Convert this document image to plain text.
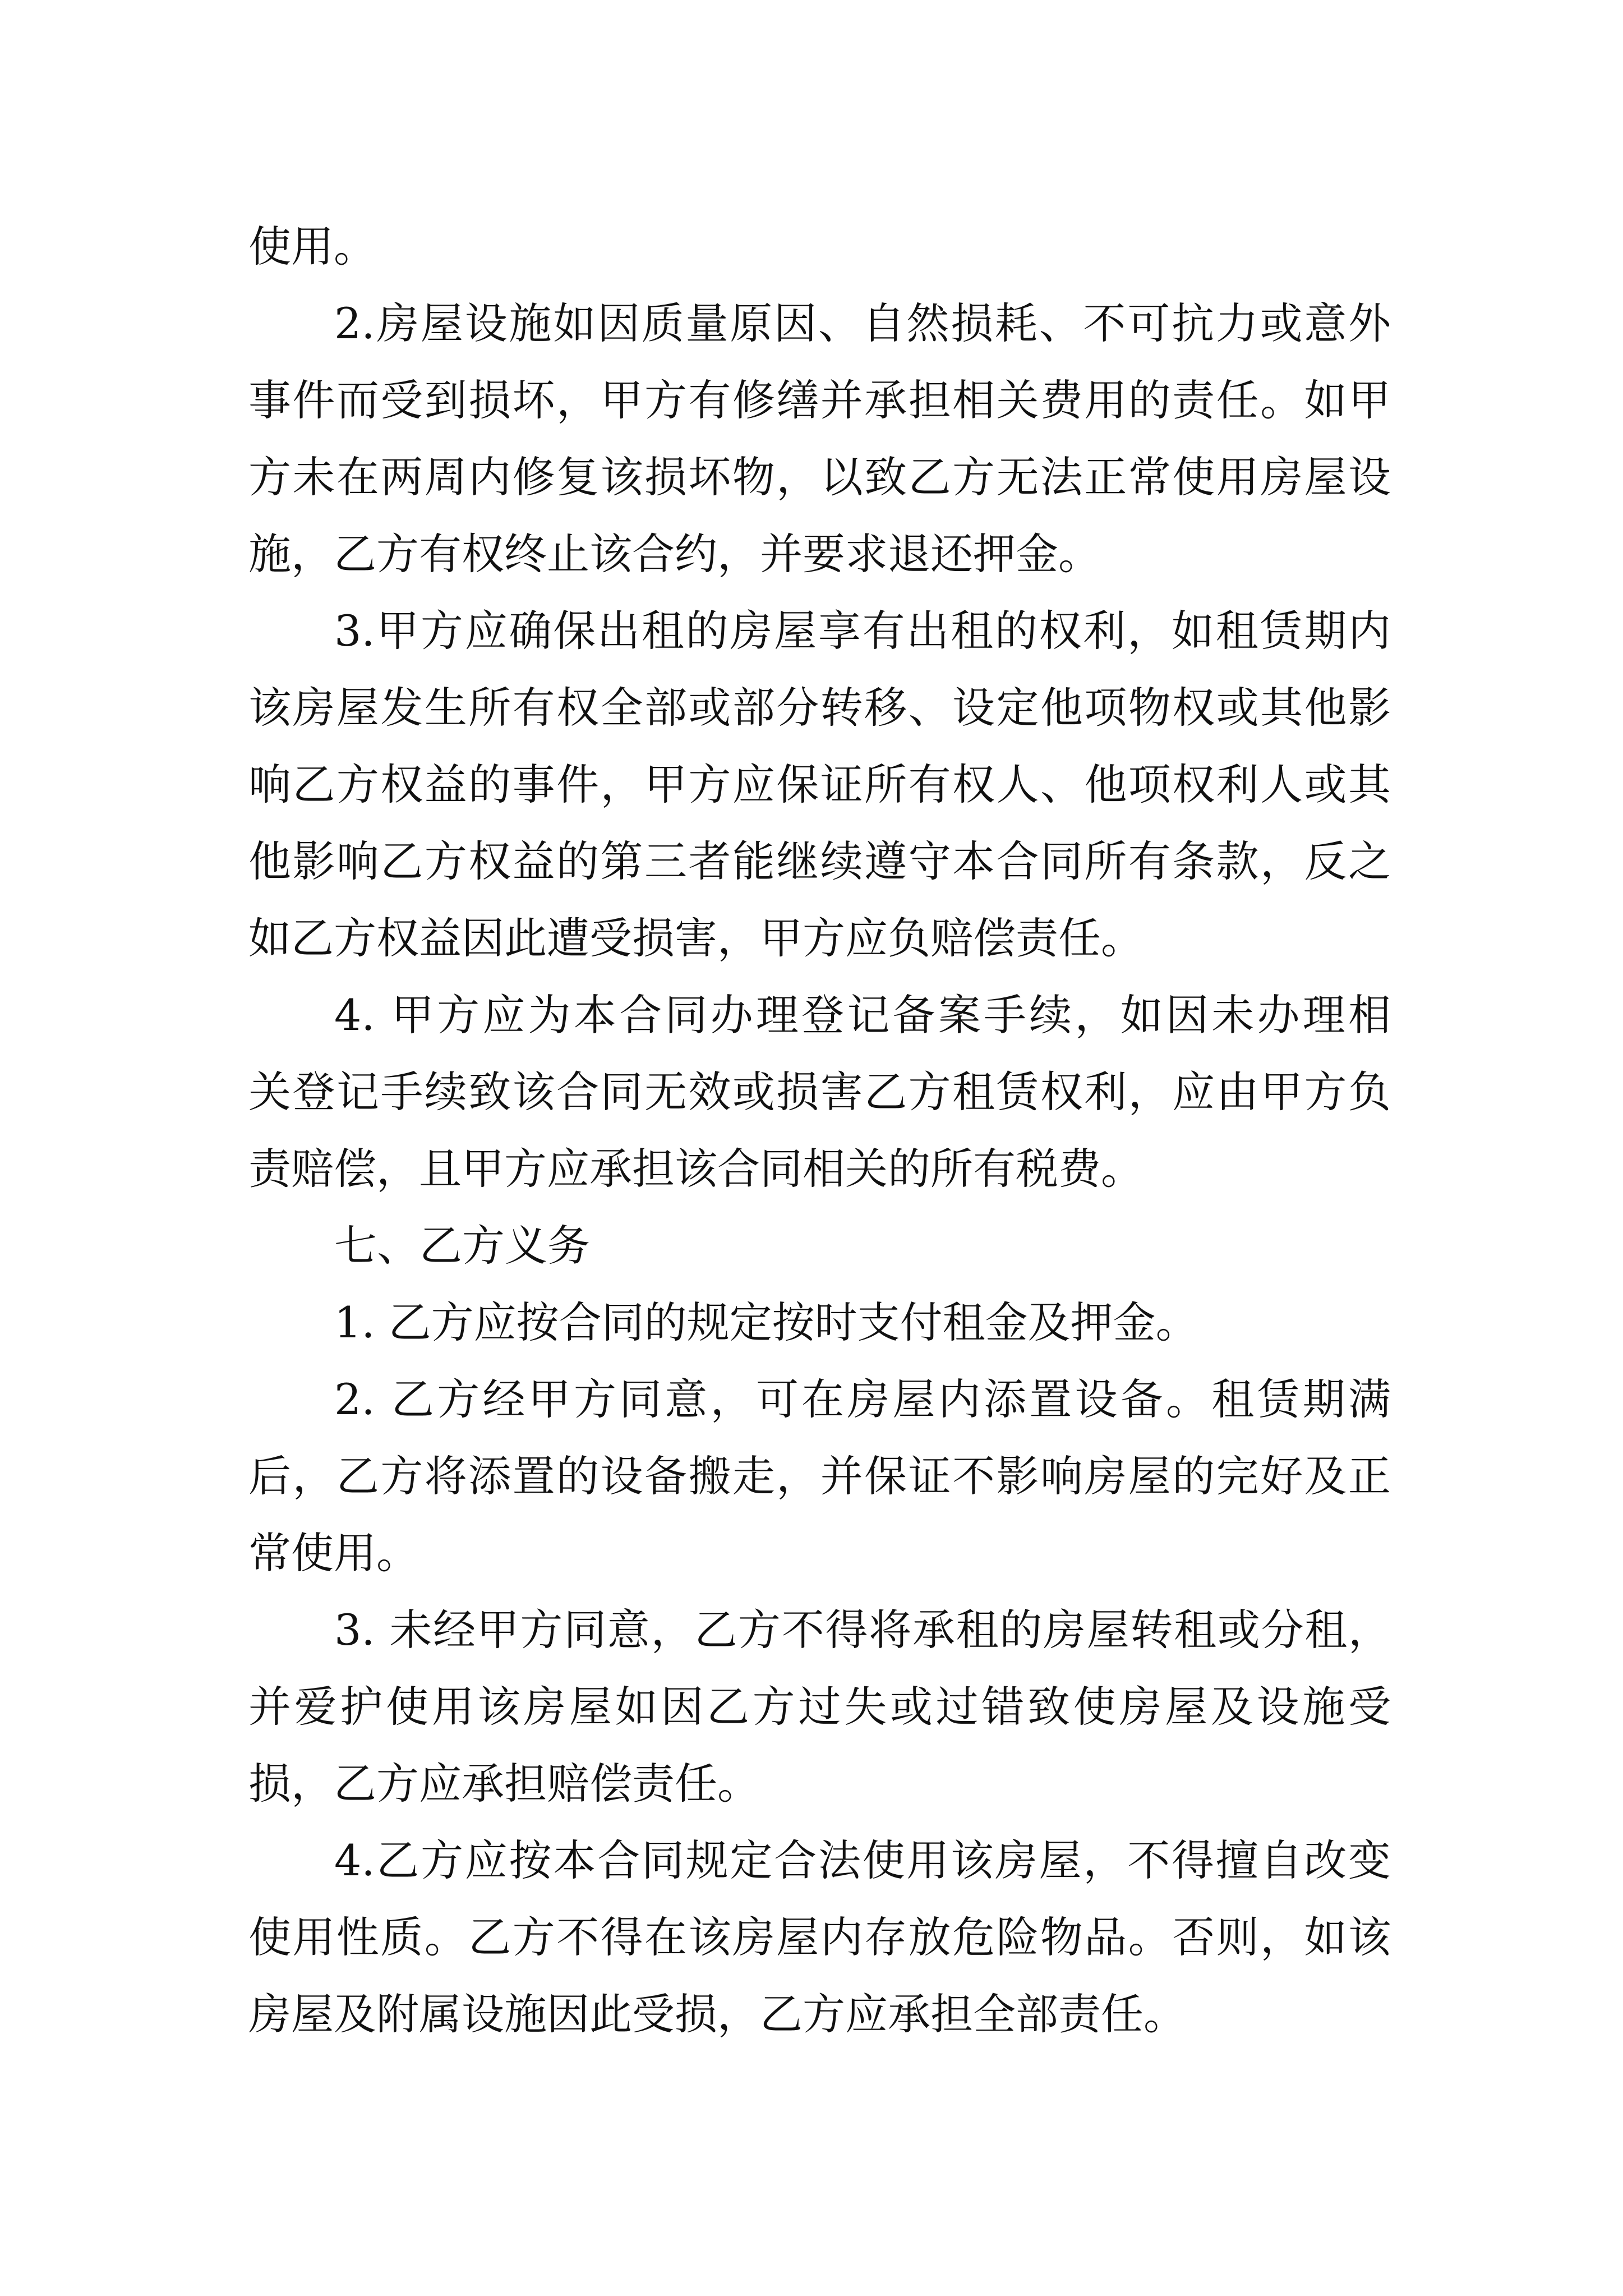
使用。
2.房屋设施如因质量原因、自然损耗、不可抗力或意外
事件而受到损坏，甲方有修缮并承担相关费用的责任。如甲
方未在两周内修复该损坏物，以致乙方无法正常使用房屋设
施，乙方有权终止该合约，并要求退还押金。
3.甲方应确保出租的房屋享有出租的权利，如租赁期内
该房屋发生所有权全部或部分转移、设定他项物权或其他影
响乙方权益的事件，甲方应保证所有权人、他项权利人或其
他影响乙方权益的第三者能继续遵守本合同所有条款，反之
如乙方权益因此遭受损害，甲方应负赔偿责任。
4. 甲方应为本合同办理登记备案手续，如因未办理相
关登记手续致该合同无效或损害乙方租赁权利，应由甲方负
责赔偿，且甲方应承担该合同相关的所有税费。
七、乙方义务
1. 乙方应按合同的规定按时支付租金及押金。
2. 乙方经甲方同意，可在房屋内添置设备。租赁期满
后，乙方将添置的设备搬走，并保证不影响房屋的完好及正
常使用。
3. 未经甲方同意，乙方不得将承租的房屋转租或分租，
并爱护使用该房屋如因乙方过失或过错致使房屋及设施受
损，乙方应承担赔偿责任。
4.乙方应按本合同规定合法使用该房屋，不得擅自改变
使用性质。乙方不得在该房屋内存放危险物品。否则，如该
房屋及附属设施因此受损，乙方应承担全部责任。
